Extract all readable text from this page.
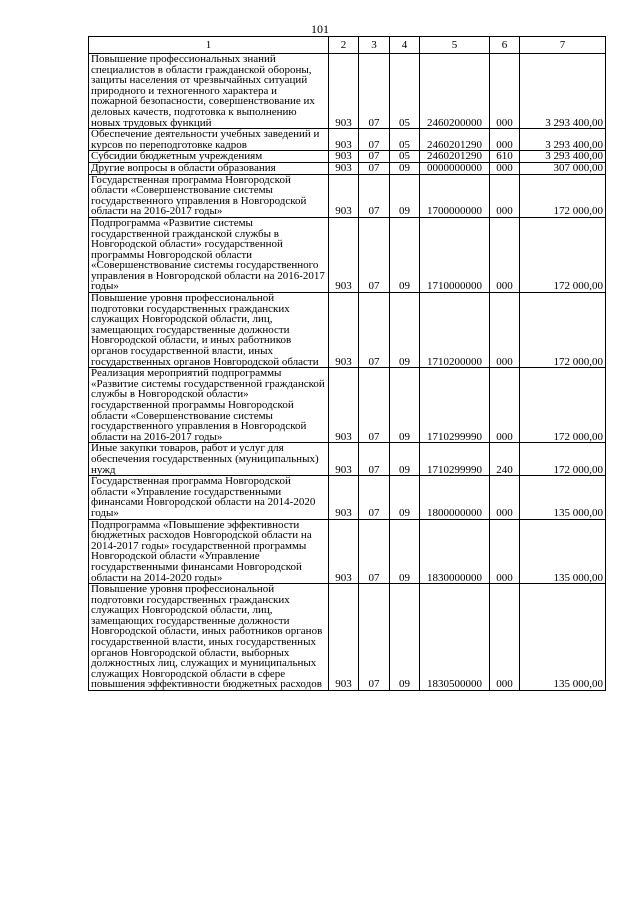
101
1	2	3	4	5	6	7
Повышение профессиональных знаний специалистов в области гражданской обороны, защиты населения от чрезвычайных ситуаций природного и техногенного характера и пожарной безопасности, совершенствование их деловых качеств, подготовка к выполнению новых трудовых функций	903	07	05	2460200000	000	3 293 400,00
Обеспечение деятельности учебных заведений и курсов по переподготовке кадров	903	07	05	2460201290	000	3 293 400,00
Субсидии бюджетным учреждениям	903	07	05	2460201290	610	3 293 400,00
Другие вопросы в области образования	903	07	09	0000000000	000	307 000,00
Государственная программа Новгородской области «Совершенствование системы государственного управления в Новгородской области на 2016-2017 годы»	903	07	09	1700000000	000	172 000,00
Подпрограмма «Развитие системы государственной гражданской службы в Новгородской области» государственной программы Новгородской области «Совершенствование системы государственного управления в Новгородской области на 2016-2017 годы»	903	07	09	1710000000	000	172 000,00
Повышение уровня профессиональной подготовки государственных гражданских служащих Новгородской области, лиц, замещающих государственные должности Новгородской области, и иных работников органов государственной власти, иных государственных органов Новгородской области	903	07	09	1710200000	000	172 000,00
Реализация мероприятий подпрограммы «Развитие системы государственной гражданской службы в Новгородской области» государственной программы Новгородской области «Совершенствование системы государственного управления в Новгородской области на 2016-2017 годы»	903	07	09	1710299990	000	172 000,00
Иные закупки товаров, работ и услуг для обеспечения государственных (муниципальных) нужд	903	07	09	1710299990	240	172 000,00
Государственная программа Новгородской области «Управление государственными финансами Новгородской области на 2014-2020 годы»	903	07	09	1800000000	000	135 000,00
Подпрограмма «Повышение эффективности бюджетных расходов Новгородской области на 2014-2017 годы» государственной программы Новгородской области «Управление государственными финансами Новгородской области на 2014-2020 годы»	903	07	09	1830000000	000	135 000,00
Повышение уровня профессиональной подготовки государственных гражданских служащих Новгородской области, лиц, замещающих государственные должности Новгородской области, иных работников органов государственной власти, иных государственных органов Новгородской области, выборных должностных лиц, служащих и муниципальных служащих Новгородской области в сфере повышения эффективности бюджетных расходов	903	07	09	1830500000	000	135 000,00
